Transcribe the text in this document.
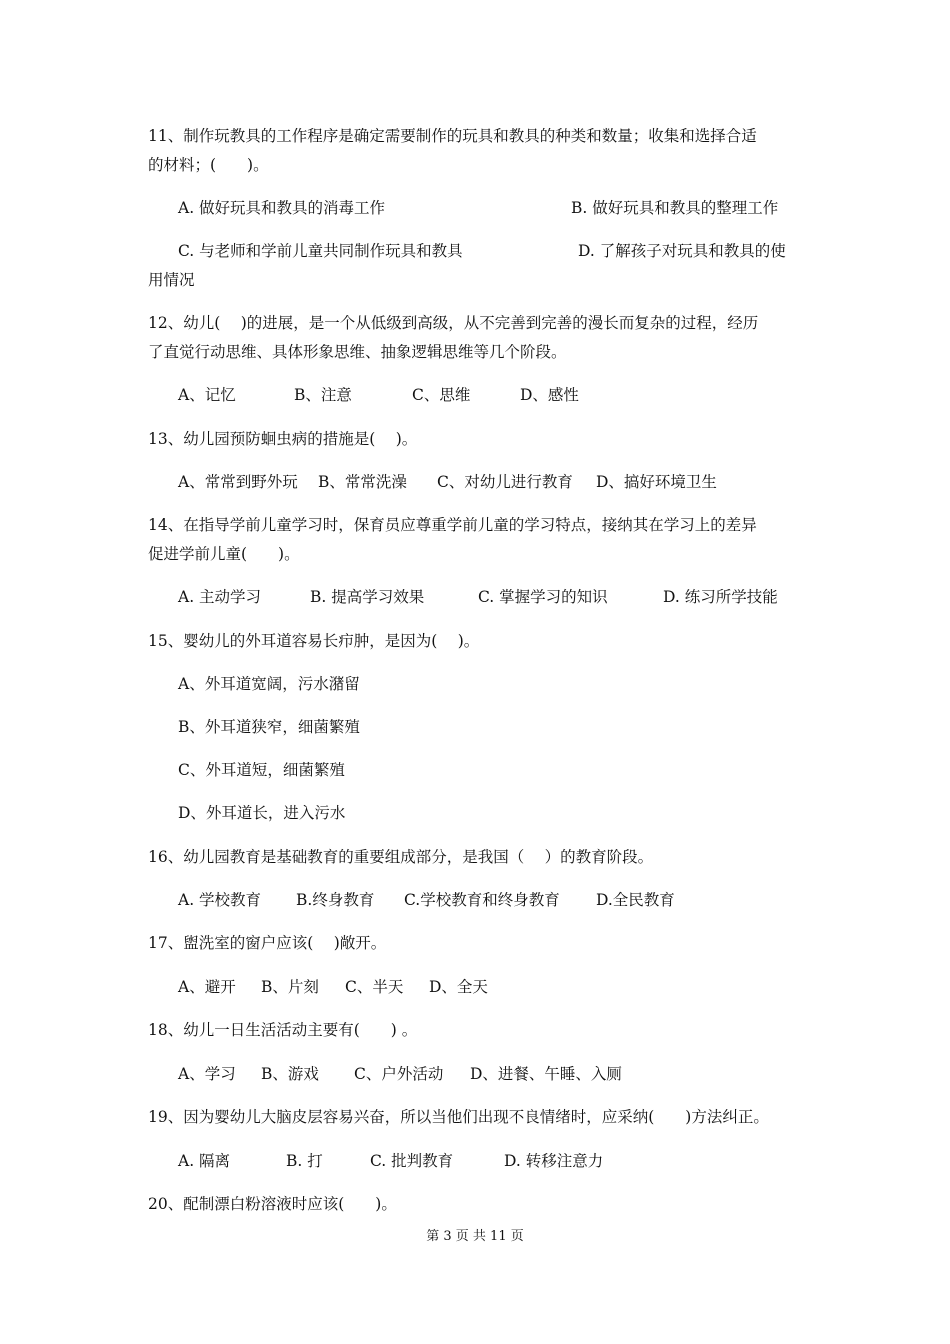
11、制作玩教具的工作程序是确定需要制作的玩具和教具的种类和数量；收集和选择合适
的材料；(　　)。
A. 做好玩具和教具的消毒工作	B. 做好玩具和教具的整理工作
C. 与老师和学前儿童共同制作玩具和教具	D. 了解孩子对玩具和教具的使
用情况
12、幼儿(　 )的进展，是一个从低级到高级，从不完善到完善的漫长而复杂的过程，经历
了直觉行动思维、具体形象思维、抽象逻辑思维等几个阶段。
A、记忆	B、注意	C、思维	D、感性
13、幼儿园预防蛔虫病的措施是(　 )。
A、常常到野外玩 B、常常洗澡 C、对幼儿进行教育 D、搞好环境卫生
14、在指导学前儿童学习时，保育员应尊重学前儿童的学习特点，接纳其在学习上的差异
促进学前儿童(　　)。
A. 主动学习	B. 提高学习效果	C. 掌握学习的知识	D. 练习所学技能
15、婴幼儿的外耳道容易长疖肿，是因为(　 )。
A、外耳道宽阔，污水潴留
B、外耳道狭窄，细菌繁殖
C、外耳道短，细菌繁殖
D、外耳道长，进入污水
16、幼儿园教育是基础教育的重要组成部分，是我国（　 ）的教育阶段。
A. 学校教育 B.终身教育 C.学校教育和终身教育 D.全民教育
17、盥洗室的窗户应该(　 )敞开。
A、避开 B、片刻 C、半天 D、全天
18、幼儿一日生活活动主要有(　　) 。
A、学习 B、游戏 C、户外活动 D、进餐、午睡、入厕
19、因为婴幼儿大脑皮层容易兴奋，所以当他们出现不良情绪时，应采纳(　　)方法纠正。
A. 隔离	B. 打	C. 批判教育	D. 转移注意力
20、配制漂白粉溶液时应该(　　)。
第 3 页 共 11 页
